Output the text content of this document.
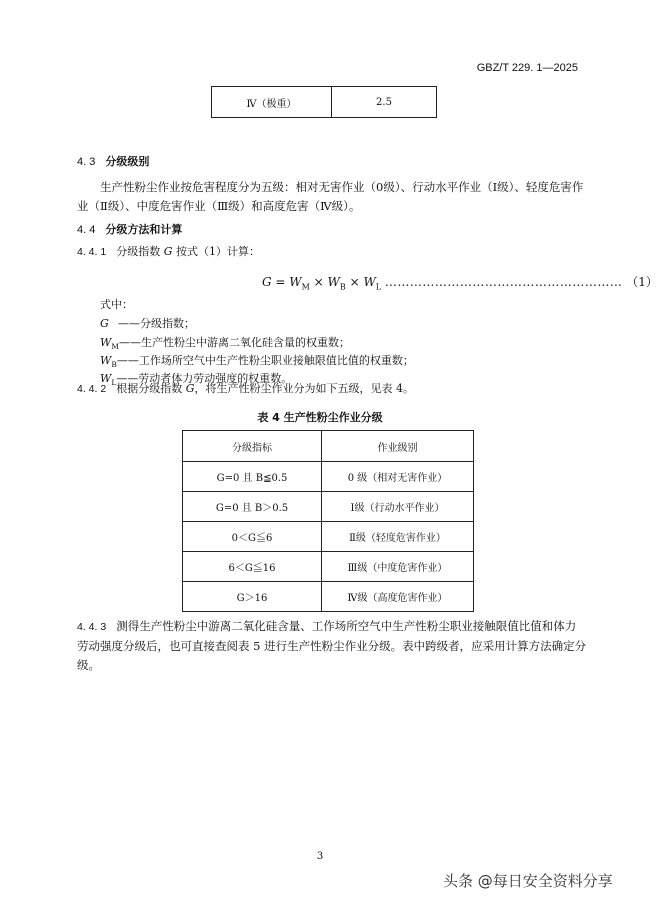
GBZ/T 229. 1—2025
Ⅳ（极重）	2.5
4. 3 分级级别
生产性粉尘作业按危害程度分为五级：相对无害作业（0级）、行动水平作业（Ⅰ级）、轻度危害作业（Ⅱ级）、中度危害作业（Ⅲ级）和高度危害（Ⅳ级）。
4. 4 分级方法和计算
4. 4. 1 分级指数 G 按式（1）计算：
$G = W_M \times W_B \times W_L$ ………………………………………………… （1）
式中：
G ——分级指数；
$W_M——$生产性粉尘中游离二氧化硅含量的权重数；
$W_B——$工作场所空气中生产性粉尘职业接触限值比值的权重数；
$W_L——$劳动者体力劳动强度的权重数。
4. 4. 2 根据分级指数 G，将生产性粉尘作业分为如下五级，见表 4。
表 4 生产性粉尘作业分级
分级指标	作业级别
G=0 且 B≦0.5	0 级（相对无害作业）
G=0 且 B＞0.5	Ⅰ级（行动水平作业）
0＜G≦6	Ⅱ级（轻度危害作业）
6＜G≦16	Ⅲ级（中度危害作业）
G＞16	Ⅳ级（高度危害作业）
4. 4. 3 测得生产性粉尘中游离二氧化硅含量、工作场所空气中生产性粉尘职业接触限值比值和体力劳动强度分级后，也可直接查阅表 5 进行生产性粉尘作业分级。表中跨级者，应采用计算方法确定分级。
3
头条 @每日安全资料分享
